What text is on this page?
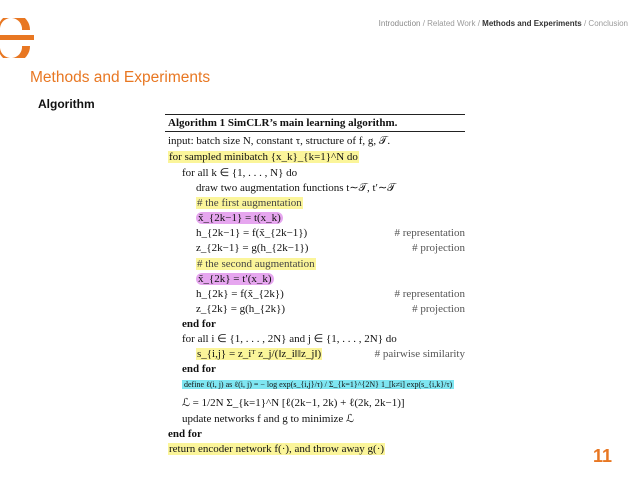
Introduction / Related Work / Methods and Experiments / Conclusion
Methods and Experiments
Algorithm
Algorithm 1 SimCLR’s main learning algorithm.
input: batch size N, constant τ, structure of f, g, 𝒯.
for sampled minibatch {x_k}_{k=1}^N do
for all k ∈ {1, . . . , N} do
draw two augmentation functions t∼𝒯, t′∼𝒯
# the first augmentation
x̃_{2k−1} = t(x_k)
h_{2k−1} = f(x̃_{2k−1})	# representation
z_{2k−1} = g(h_{2k−1})	# projection
# the second augmentation
x̃_{2k} = t′(x_k)
h_{2k} = f(x̃_{2k})	# representation
z_{2k} = g(h_{2k})	# projection
end for
for all i ∈ {1, . . . , 2N} and j ∈ {1, . . . , 2N} do
s_{i,j} = z_iᵀ z_j/(‖z_i‖‖z_j‖)	# pairwise similarity
end for
define ℓ(i, j) as ℓ(i, j) = − log exp(s_{i,j}/τ) / Σ_{k=1}^{2N} 1_[k≠i] exp(s_{i,k}/τ)
ℒ = 1/2N Σ_{k=1}^N [ℓ(2k−1, 2k) + ℓ(2k, 2k−1)]
update networks f and g to minimize ℒ
end for
return encoder network f(·), and throw away g(·)	11
